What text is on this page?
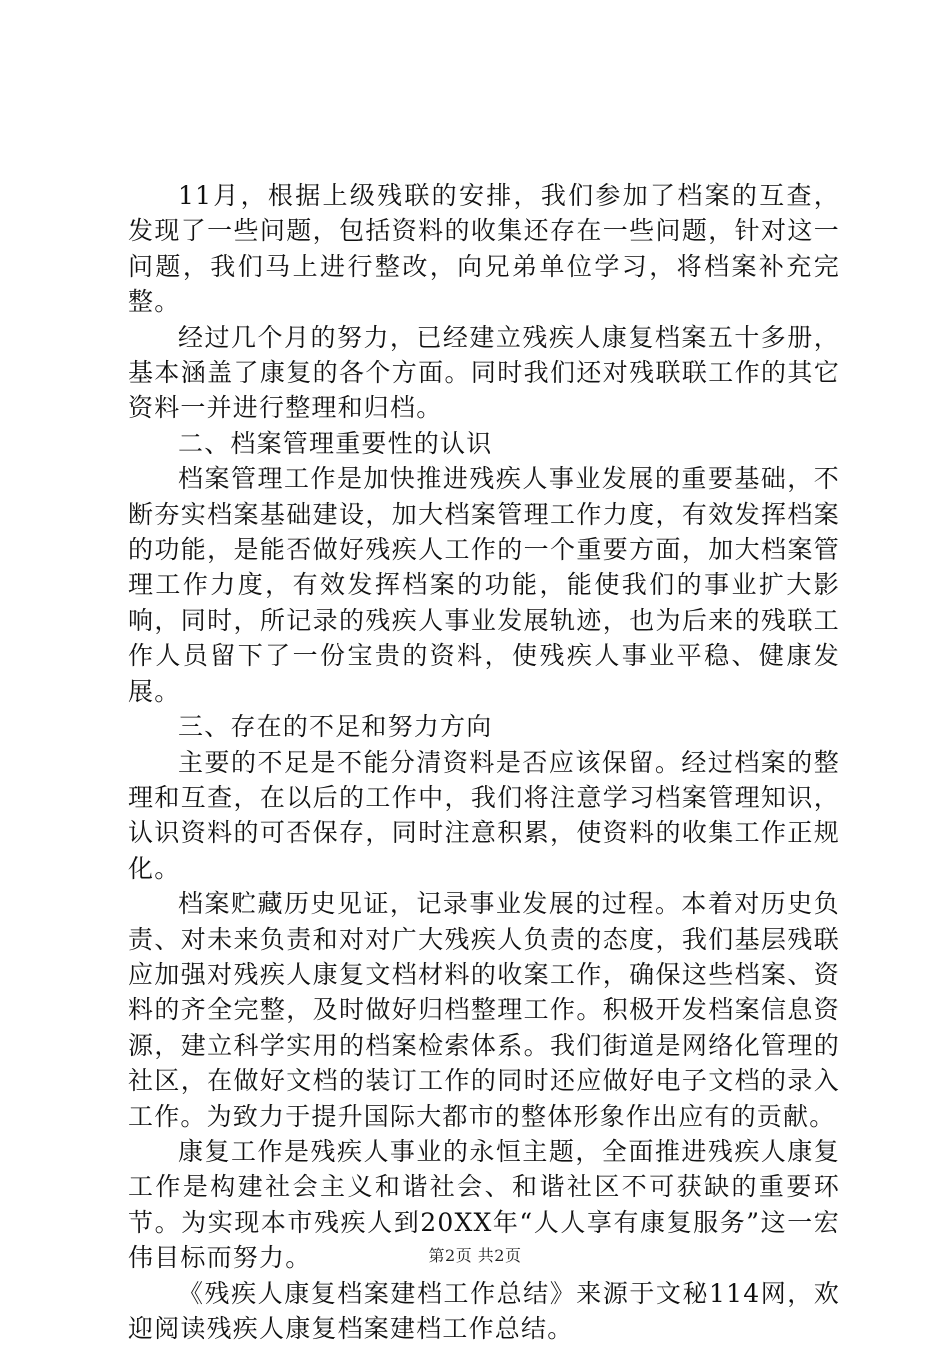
11月，根据上级残联的安排，我们参加了档案的互查，发现了一些问题，包括资料的收集还存在一些问题，针对这一问题，我们马上进行整改，向兄弟单位学习，将档案补充完整。

经过几个月的努力，已经建立残疾人康复档案五十多册，基本涵盖了康复的各个方面。同时我们还对残联联工作的其它资料一并进行整理和归档。

二、档案管理重要性的认识

档案管理工作是加快推进残疾人事业发展的重要基础，不断夯实档案基础建设，加大档案管理工作力度，有效发挥档案的功能，是能否做好残疾人工作的一个重要方面，加大档案管理工作力度，有效发挥档案的功能，能使我们的事业扩大影响，同时，所记录的残疾人事业发展轨迹，也为后来的残联工作人员留下了一份宝贵的资料，使残疾人事业平稳、健康发展。

三、存在的不足和努力方向

主要的不足是不能分清资料是否应该保留。经过档案的整理和互查，在以后的工作中，我们将注意学习档案管理知识，认识资料的可否保存，同时注意积累，使资料的收集工作正规化。

档案贮藏历史见证，记录事业发展的过程。本着对历史负责、对未来负责和对对广大残疾人负责的态度，我们基层残联应加强对残疾人康复文档材料的收案工作，确保这些档案、资料的齐全完整，及时做好归档整理工作。积极开发档案信息资源，建立科学实用的档案检索体系。我们街道是网络化管理的社区，在做好文档的装订工作的同时还应做好电子文档的录入工作。为致力于提升国际大都市的整体形象作出应有的贡献。

康复工作是残疾人事业的永恒主题，全面推进残疾人康复工作是构建社会主义和谐社会、和谐社区不可获缺的重要环节。为实现本市残疾人到20XX年“人人享有康复服务”这一宏伟目标而努力。

《残疾人康复档案建档工作总结》来源于文秘114网，欢迎阅读残疾人康复档案建档工作总结。

第2页 共2页
